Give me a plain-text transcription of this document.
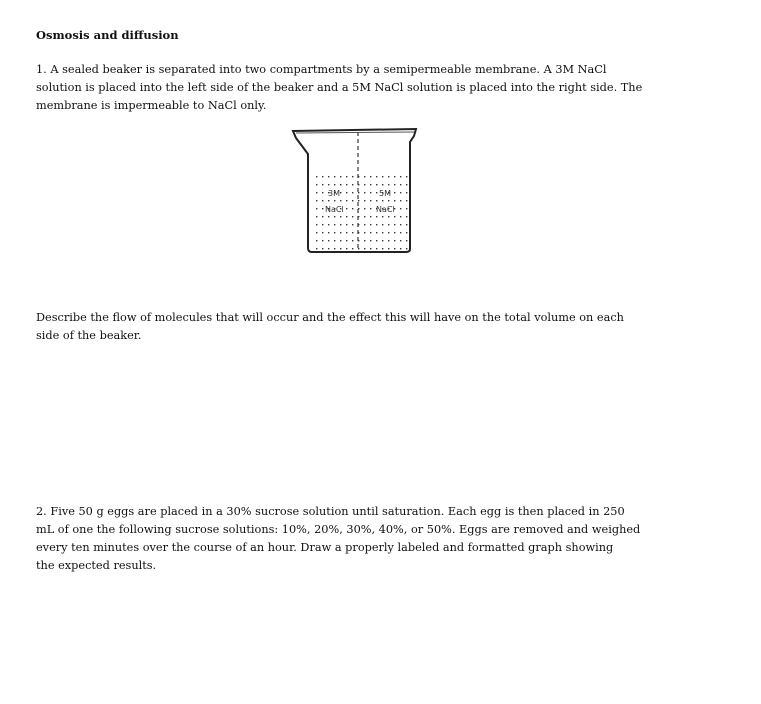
Osmosis and diffusion
1. A sealed beaker is separated into two compartments by a semipermeable membrane. A 3M NaCl
solution is placed into the left side of the beaker and a 5M NaCl solution is placed into the right side. The
membrane is impermeable to NaCl only.
3M
NaCl
5M
NaCl
Describe the flow of molecules that will occur and the effect this will have on the total volume on each
side of the beaker.
2. Five 50 g eggs are placed in a 30% sucrose solution until saturation. Each egg is then placed in 250
mL of one the following sucrose solutions: 10%, 20%, 30%, 40%, or 50%. Eggs are removed and weighed
every ten minutes over the course of an hour. Draw a properly labeled and formatted graph showing
the expected results.
